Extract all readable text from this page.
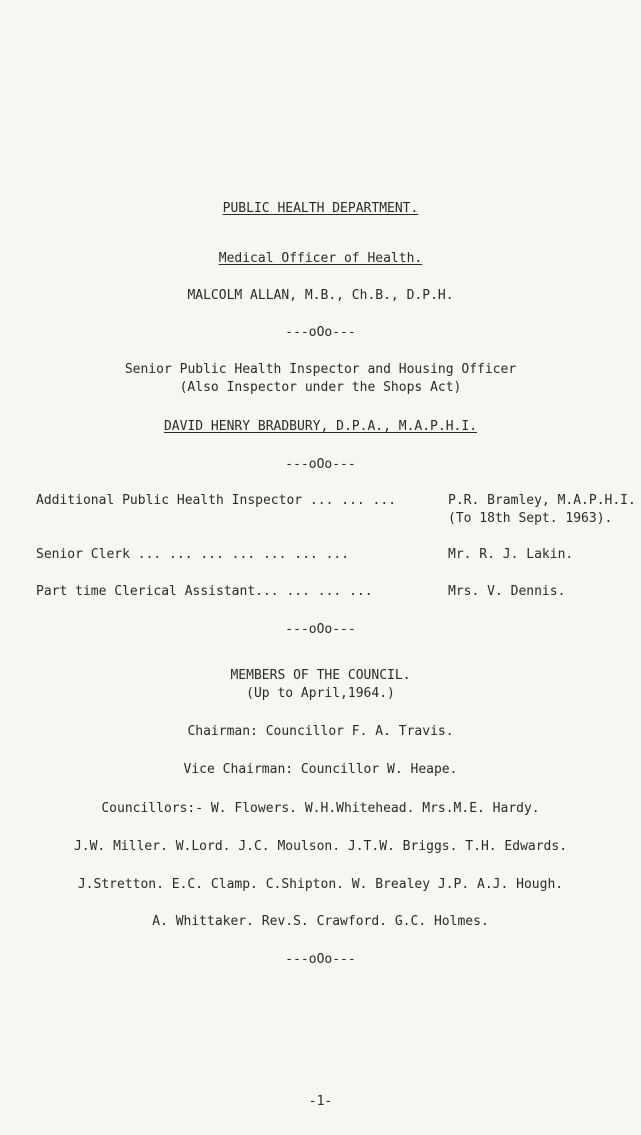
PUBLIC HEALTH DEPARTMENT.
Medical Officer of Health.
MALCOLM ALLAN, M.B., Ch.B., D.P.H.
---oOo---
Senior Public Health Inspector and Housing Officer
(Also Inspector under the Shops Act)
DAVID HENRY BRADBURY, D.P.A., M.A.P.H.I.
---oOo---
Additional Public Health Inspector ... ... ...	P.R. Bramley, M.A.P.H.I.
(To 18th Sept. 1963).
Senior Clerk ... ... ... ... ... ... ...	Mr. R. J. Lakin.
Part time Clerical Assistant... ... ... ...	Mrs. V. Dennis.
---oOo---
MEMBERS OF THE COUNCIL.
(Up to April,1964.)
Chairman: Councillor F. A. Travis.
Vice Chairman: Councillor W. Heape.
Councillors:- W. Flowers. W.H.Whitehead. Mrs.M.E. Hardy.
J.W. Miller. W.Lord. J.C. Moulson. J.T.W. Briggs. T.H. Edwards.
J.Stretton. E.C. Clamp. C.Shipton. W. Brealey J.P. A.J. Hough.
A. Whittaker. Rev.S. Crawford. G.C. Holmes.
---oOo---
-1-
